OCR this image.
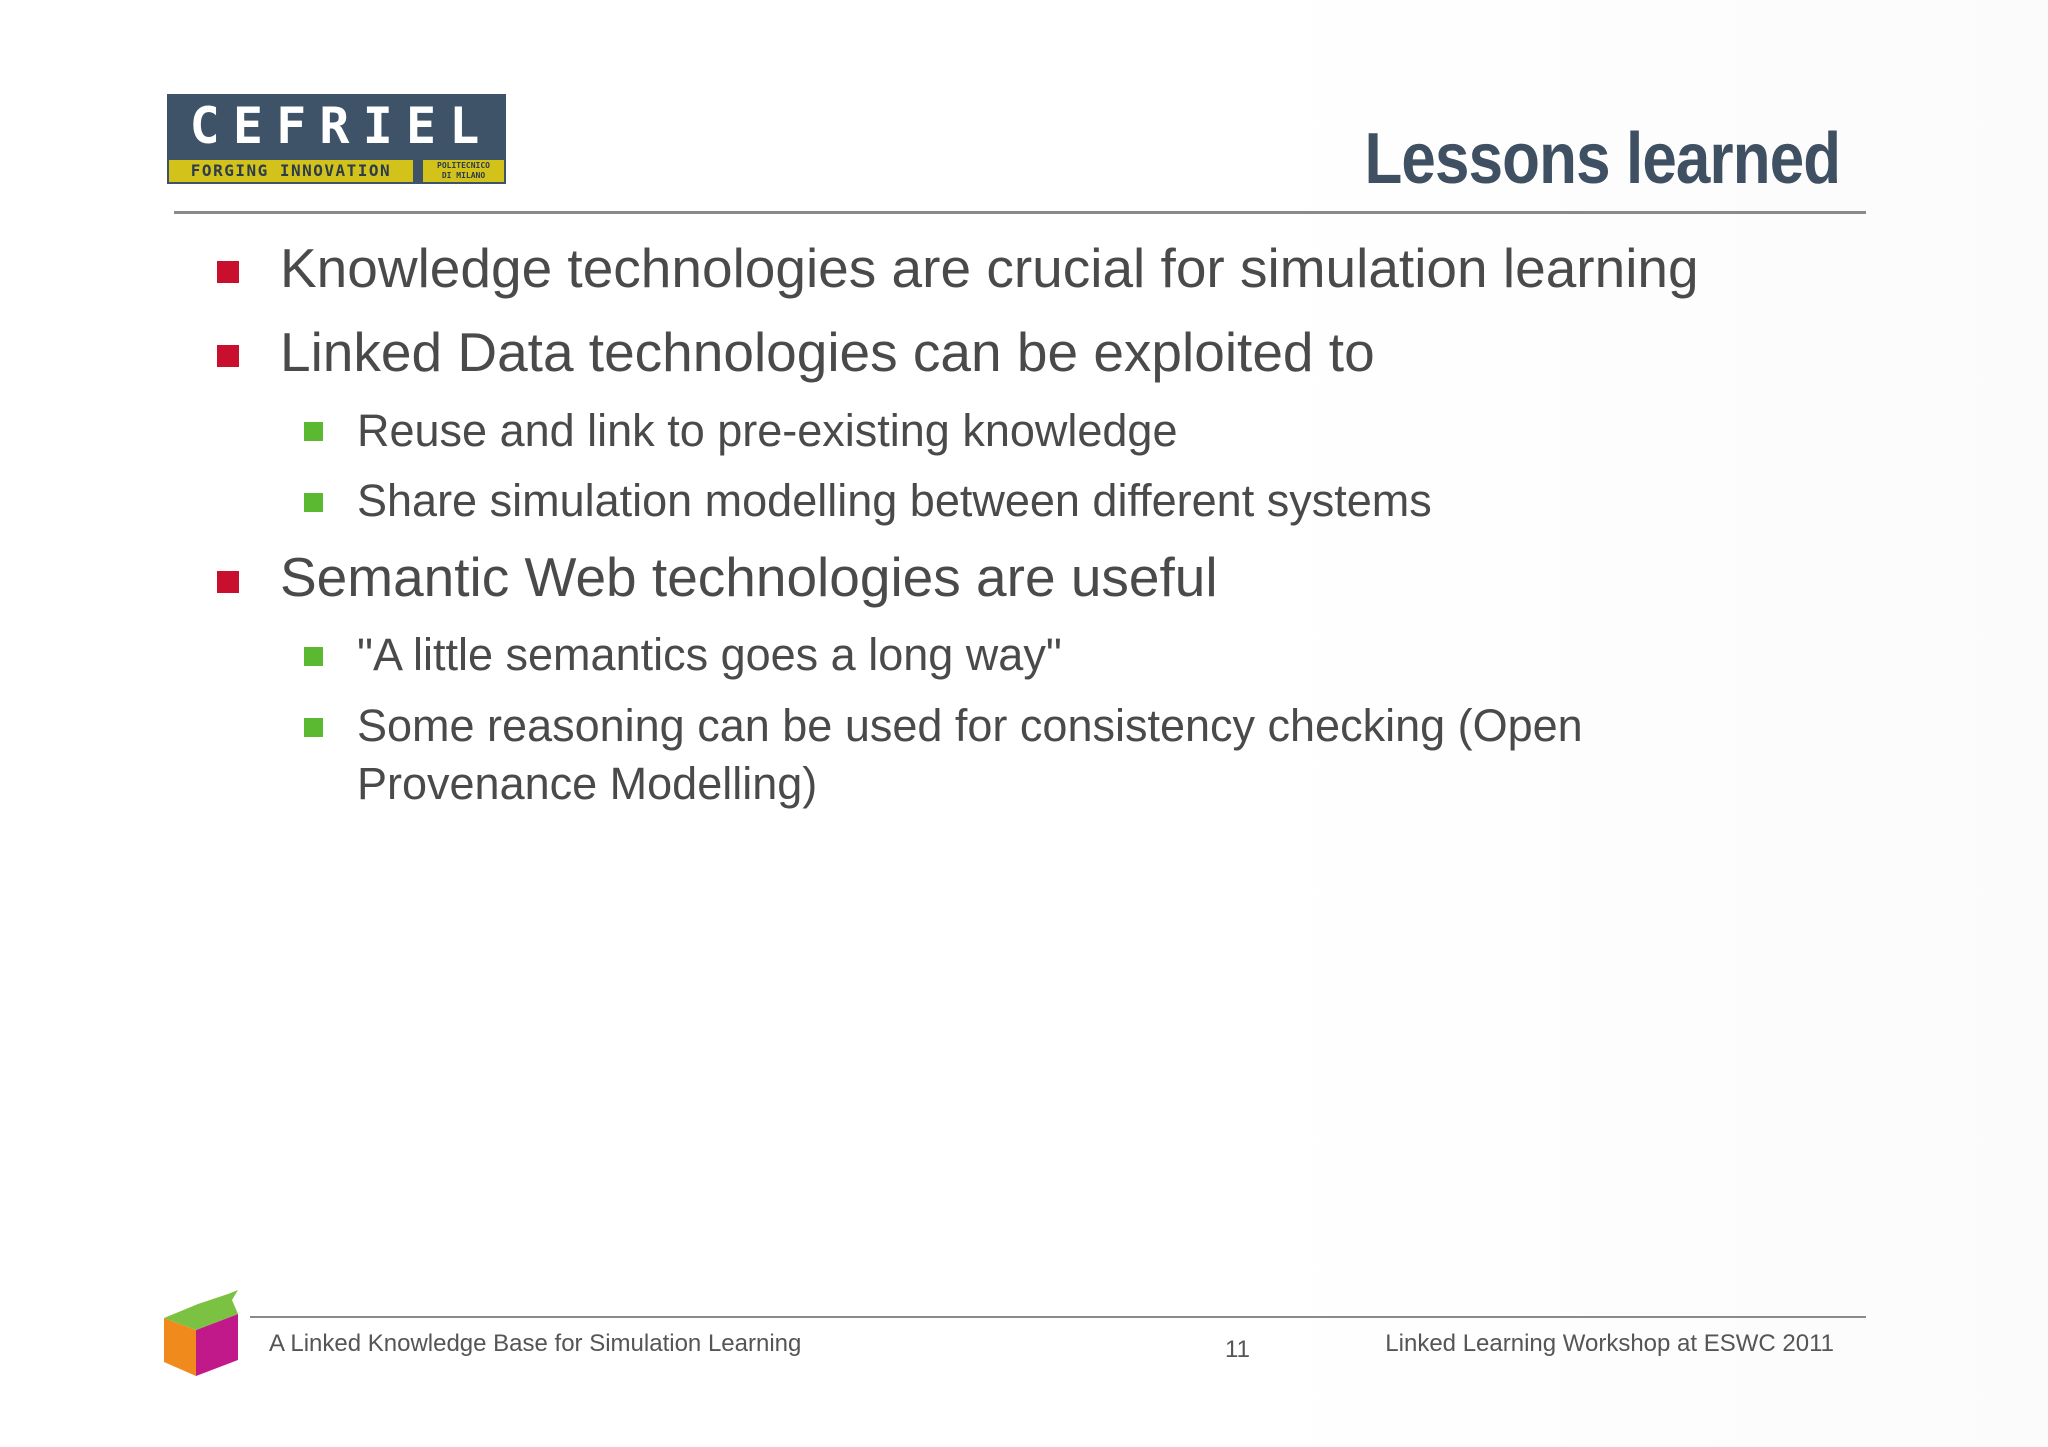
C E F R I E L
FORGING INNOVATION	POLITECNICO
DI MILANO	Lessons learned
Knowledge technologies are crucial for simulation learning
Linked Data technologies can be exploited to
Reuse and link to pre-existing knowledge
Share simulation modelling between different systems
Semantic Web technologies are useful
"A little semantics goes a long way"
Some reasoning can be used for consistency checking (Open
Provenance Modelling)
A Linked Knowledge Base for Simulation Learning	11	Linked Learning Workshop at ESWC 2011
